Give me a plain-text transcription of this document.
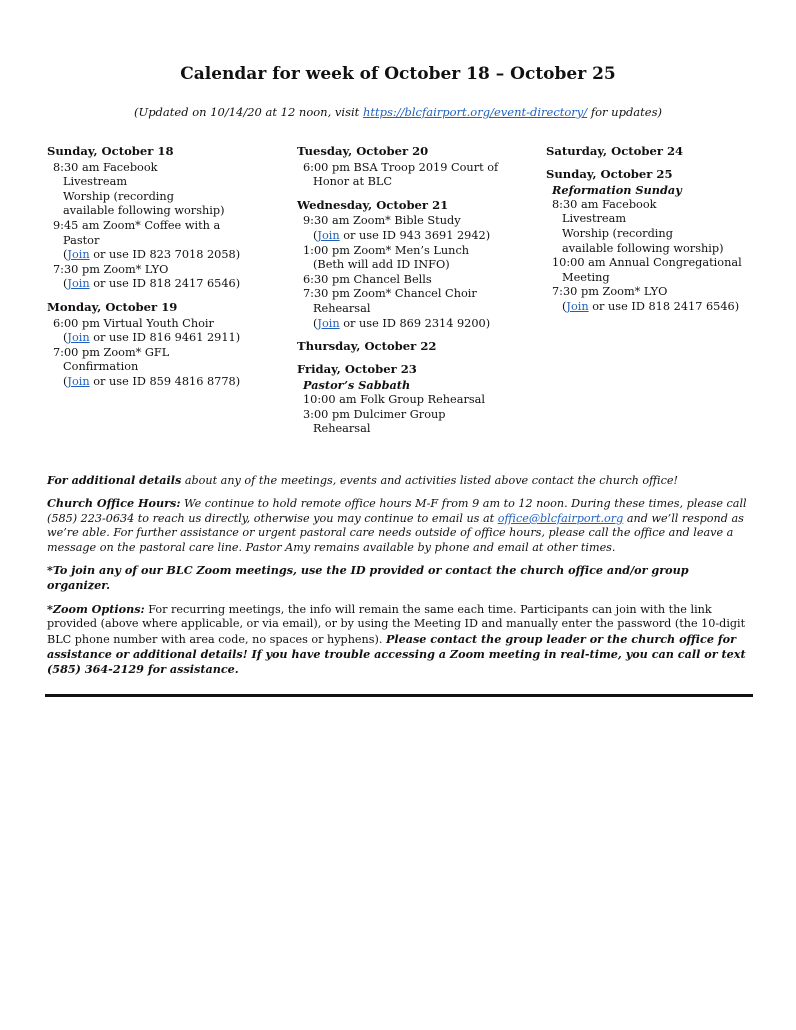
Calendar for week of October 18 – October 25
(Updated on 10/14/20 at 12 noon, visit https://blcfairport.org/event-directory/ for updates)
Sunday, October 18
8:30 am Facebook
Livestream
Worship (recording
available following worship)
9:45 am Zoom* Coffee with a
Pastor
(Join or use ID 823 7018 2058)
7:30 pm Zoom* LYO
(Join or use ID 818 2417 6546)
Monday, October 19
6:00 pm Virtual Youth Choir
(Join or use ID 816 9461 2911)
7:00 pm Zoom* GFL
Confirmation
(Join or use ID 859 4816 8778)
Tuesday, October 20
6:00 pm BSA Troop 2019 Court of
Honor at BLC
Wednesday, October 21
9:30 am Zoom* Bible Study
(Join or use ID 943 3691 2942)
1:00 pm Zoom* Men’s Lunch
(Beth will add ID INFO)
6:30 pm Chancel Bells
7:30 pm Zoom* Chancel Choir
Rehearsal
(Join or use ID 869 2314 9200)
Thursday, October 22
Friday, October 23
Pastor’s Sabbath
10:00 am Folk Group Rehearsal
3:00 pm Dulcimer Group
Rehearsal
Saturday, October 24
Sunday, October 25
Reformation Sunday
8:30 am Facebook
Livestream
Worship (recording
available following worship)
10:00 am Annual Congregational
Meeting
7:30 pm Zoom* LYO
(Join or use ID 818 2417 6546)

For additional details about any of the meetings, events and activities listed above contact the church office!

Church Office Hours: We continue to hold remote office hours M-F from 9 am to 12 noon. During these times, please call (585) 223-0634 to reach us directly, otherwise you may continue to email us at office@blcfairport.org and we’ll respond as we’re able. For further assistance or urgent pastoral care needs outside of office hours, please call the office and leave a message on the pastoral care line. Pastor Amy remains available by phone and email at other times.

*To join any of our BLC Zoom meetings, use the ID provided or contact the church office and/or group organizer.

*Zoom Options: For recurring meetings, the info will remain the same each time. Participants can join with the link provided (above where applicable, or via email), or by using the Meeting ID and manually enter the password (the 10-digit BLC phone number with area code, no spaces or hyphens). Please contact the group leader or the church office for assistance or additional details! If you have trouble accessing a Zoom meeting in real-time, you can call or text (585) 364-2129 for assistance.
